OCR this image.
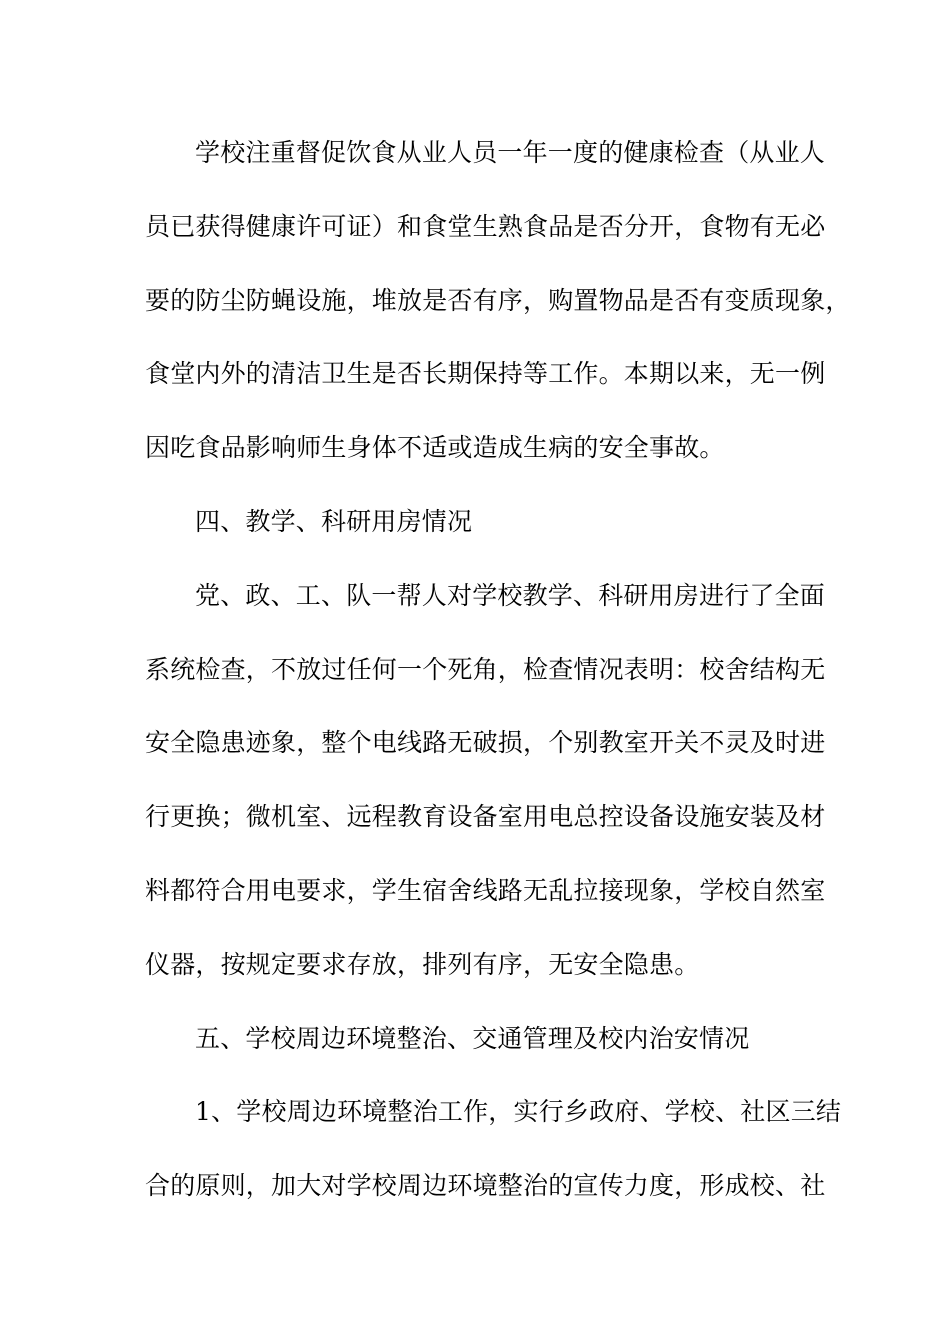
学校注重督促饮食从业人员一年一度的健康检查（从业人
员已获得健康许可证）和食堂生熟食品是否分开，食物有无必
要的防尘防蝇设施，堆放是否有序，购置物品是否有变质现象，
食堂内外的清洁卫生是否长期保持等工作。本期以来，无一例
因吃食品影响师生身体不适或造成生病的安全事故。
四、教学、科研用房情况
党、政、工、队一帮人对学校教学、科研用房进行了全面
系统检查，不放过任何一个死角，检查情况表明：校舍结构无
安全隐患迹象，整个电线路无破损，个别教室开关不灵及时进
行更换；微机室、远程教育设备室用电总控设备设施安装及材
料都符合用电要求，学生宿舍线路无乱拉接现象，学校自然室
仪器，按规定要求存放，排列有序，无安全隐患。
五、学校周边环境整治、交通管理及校内治安情况
1、学校周边环境整治工作，实行乡政府、学校、社区三结
合的原则，加大对学校周边环境整治的宣传力度，形成校、社
